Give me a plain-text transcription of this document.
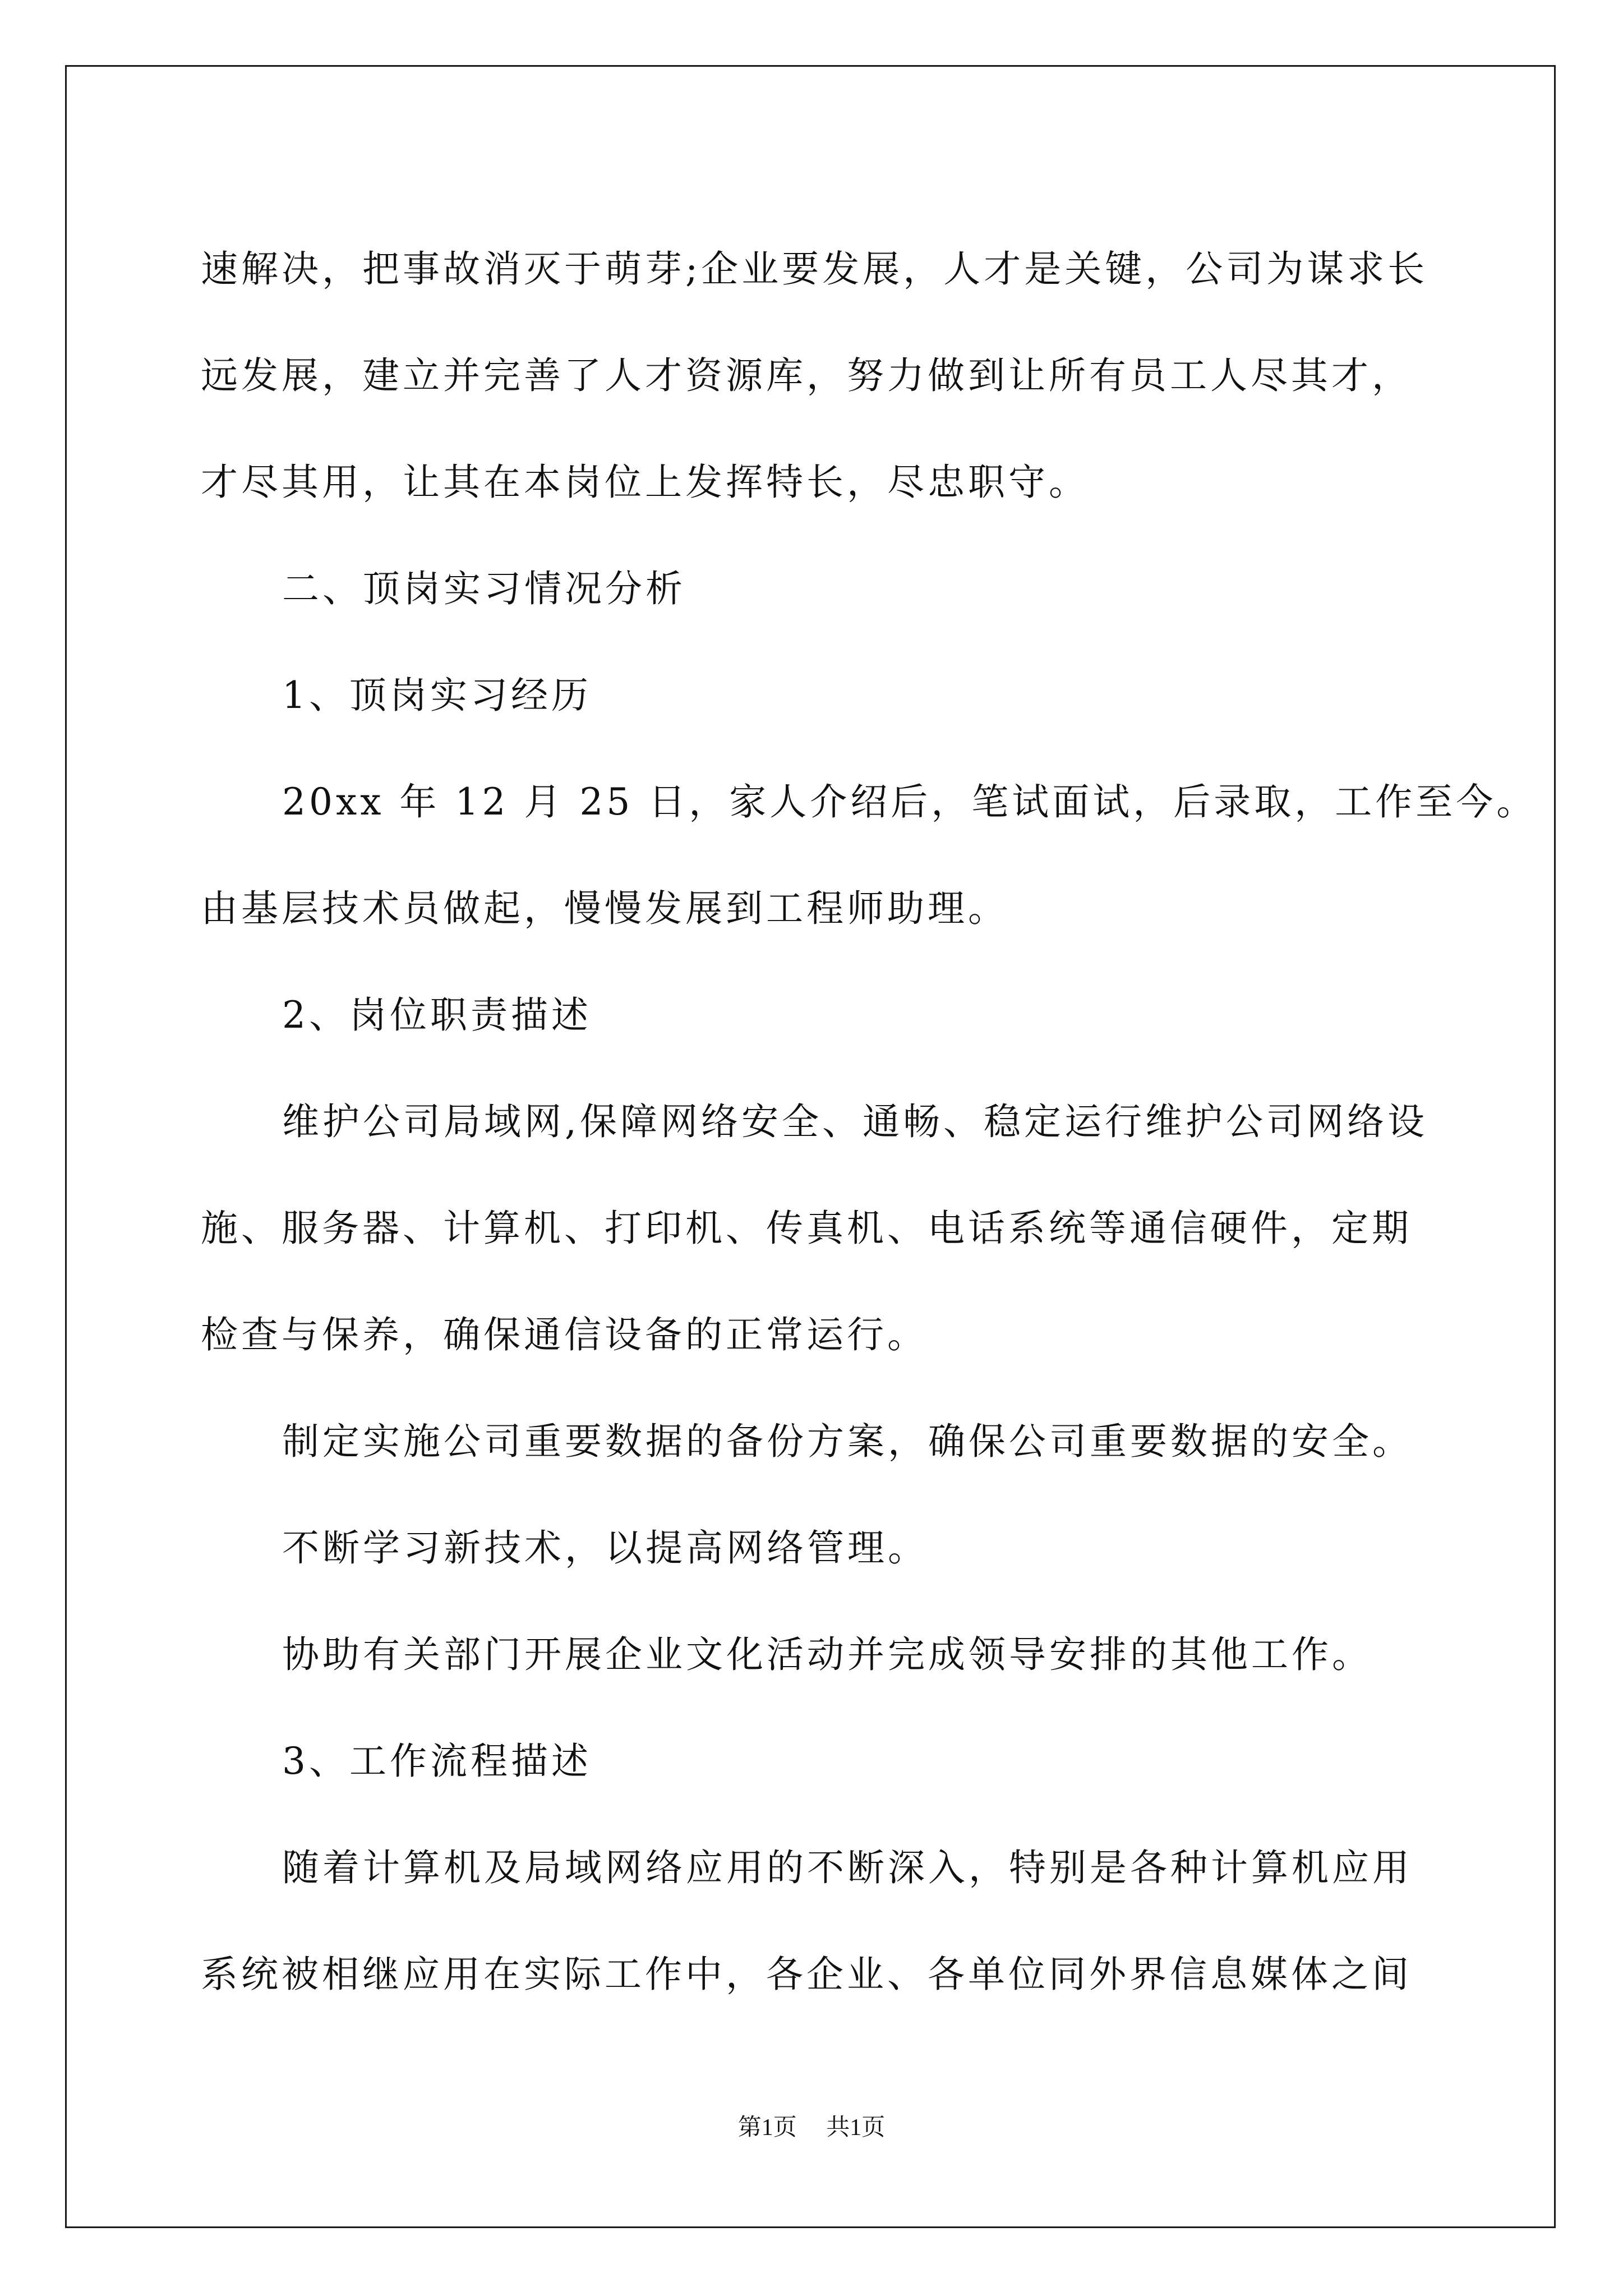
速解决，把事故消灭于萌芽;企业要发展，人才是关键，公司为谋求长
远发展，建立并完善了人才资源库，努力做到让所有员工人尽其才，
才尽其用，让其在本岗位上发挥特长，尽忠职守。
二、顶岗实习情况分析
1、顶岗实习经历
20xx 年 12 月 25 日，家人介绍后，笔试面试，后录取，工作至今。
由基层技术员做起，慢慢发展到工程师助理。
2、岗位职责描述
维护公司局域网,保障网络安全、通畅、稳定运行维护公司网络设
施、服务器、计算机、打印机、传真机、电话系统等通信硬件，定期
检查与保养，确保通信设备的正常运行。
制定实施公司重要数据的备份方案，确保公司重要数据的安全。
不断学习新技术，以提高网络管理。
协助有关部门开展企业文化活动并完成领导安排的其他工作。
3、工作流程描述
随着计算机及局域网络应用的不断深入，特别是各种计算机应用
系统被相继应用在实际工作中，各企业、各单位同外界信息媒体之间
第1页 共1页
